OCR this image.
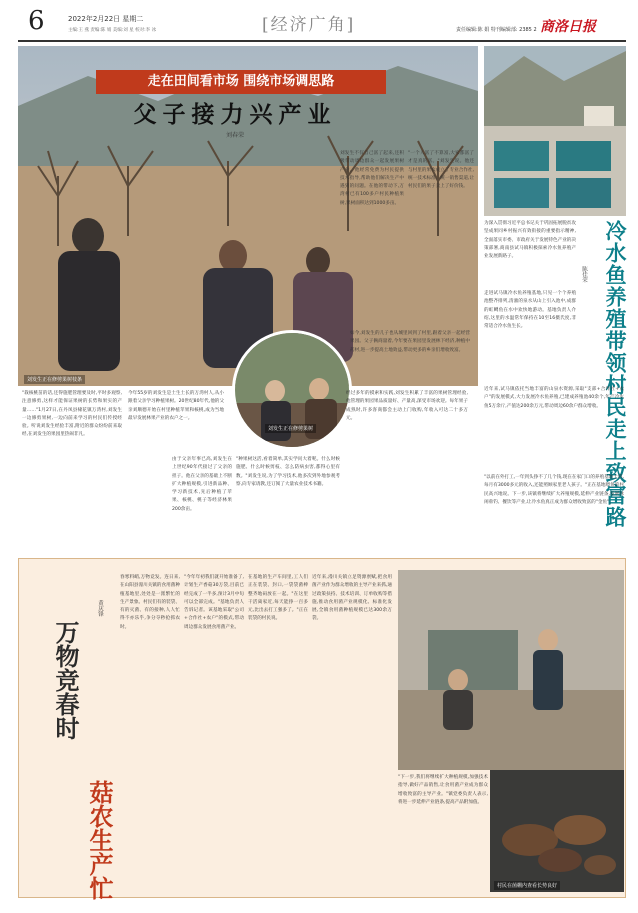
6	2022年2月22日 星期二
主编:王 燕 责编:陈 娟 美编:刘 星 校对:李 冰	[经济广角]	责任编辑:陈 娟 特刊编辑部: 2385 2 商洛日报
刘发生正在修剪果树枝条
走在田间看市场 围绕市场调思路
父子接力兴产业
刘春荣
刘发生正在修剪果树
"栽核桃苗的话,还得施肥管理要及时,平时多观察,注意修剪,这样才能保证果树的长势和果实的产量……"1月27日,在丹凤县棣花镇万湾村,刘发生一边修剪果树,一边向前来学习的村民们传授经验。听说刘发生经验丰富,附近的群众纷纷前来取经,在刘发生的果园里热闹非凡。
今年55岁的刘发生是土生土长的万湾村人,从小跟着父亲学习种植果树。20世纪80年代,他的父亲刘顺德开始在村里种植苹果和核桃,成为当地最早发展林果产业的农户之一。
由于父亲年事已高,刘发生在上世纪90年代接过了父亲的担子。他在父亲的基础上不断扩大种植规模,引进新品种、学习新技术,先后种植了苹果、核桃、桃子等经济林果200余亩。
"种果树这活,看着简单,其实学问大着呢。什么时候施肥、什么时候剪枝、怎么防病虫害,都得心里有数。"刘发生说,为了学习技术,他多次到外地参观考察,向专家请教,还订阅了大量农业技术书籍。
经过多年的摸索和实践,刘发生积累了丰富的果树管理经验,他管理的果园果品质量好、产量高,深受市场欢迎。每年果子成熟时,许多客商都会主动上门收购,年收入可达二十多万元。
刘发生不仅自己富了起来,还积极带动周边群众一起发展果树产业。他经常免费为村民提供技术指导,帮助他们解决生产中遇到的问题。在他的带动下,万湾村已有100多户村民种植果树,果树面积达到1000多亩。
"一个人富了不算富,大家都富了才是真的富。"刘发生说。他还与村里的果农成立了专业合作社,统一技术标准、统一销售渠道,让村民们的果子卖上了好价钱。
如今,刘发生的儿子也从城里回到了村里,跟着父亲一起经营果园。父子俩商量着,今年要在果园里发展林下经济,种植中药材,进一步提高土地效益,带动更多的乡亲们增收致富。	冷水鱼养殖带领村民走上致富路
陈佳荣
为深入贯彻习近平总书记关于巩固拓展脱贫攻坚成果同乡村振兴有效衔接的重要指示精神,全面落实市委、市政府关于发展特色产业的决策部署,商南县试马镇积极探索冷水鱼养殖产业发展新路子。
走进试马镇冷水鱼养殖基地,只见一个个养殖池整齐排列,清澈的泉水从山上引入池中,成群的虹鳟鱼在水中欢快地游动。基地负责人介绍,这里的水温常年保持在10至16摄氏度,非常适合冷水鱼生长。
近年来,试马镇依托当地丰富的山泉水资源,采取"支部+合作社+农户"的发展模式,大力发展冷水鱼养殖,已建成养殖池40余个,年产冷水鱼5万余斤,产值达200余万元,带动周边60余户群众增收。
"以前在外打工,一年到头挣不了几个钱,现在在家门口的养殖基地上班,每月有3000多元的收入,还能照顾家里老人孩子。"正在基地喂鱼的村民高兴地说。下一步,该镇将继续扩大养殖规模,延伸产业链条,发展休闲垂钓、餐饮等产业,让冷水鱼真正成为群众增收致富的"金鱼"。
万物竞春时
菇农生产忙
黄庆锋
春寒料峭,万物竞发。连日来,在山阳县漫川关镇的食用菌种植基地里,处处是一派繁忙的生产景象。村民们有的装袋、有的灭菌、有的接种,人人忙得不亦乐乎,争分夺秒抢抓农时。
"今年年初我们就开始准备了,计划生产香菇30万袋,目前已经完成了一半多,预计3月中旬可以全部完成。"基地负责人告诉记者。该基地采取"公司+合作社+农户"的模式,带动周边群众发展食用菌产业。
在基地的生产车间里,工人们正在装袋、封口,一袋袋菌棒整齐地码放在一起。"在这里干活离家近,每天能挣一百多元,比出去打工强多了。"正在装袋的村民说。
近年来,漫川关镇立足资源禀赋,把食用菌产业作为群众增收的主导产业来抓,通过政策扶持、技术培训、订单收购等措施,推动食用菌产业规模化、标准化发展,全镇食用菌种植规模已达300余万袋。
"下一步,我们将继续扩大种植规模,加强技术指导,做好产品销售,让食用菌产业成为群众增收致富的主导产业。"镇党委负责人表示,将进一步延伸产业链条,提高产品附加值。
村民在菌棚内查看长势良好
